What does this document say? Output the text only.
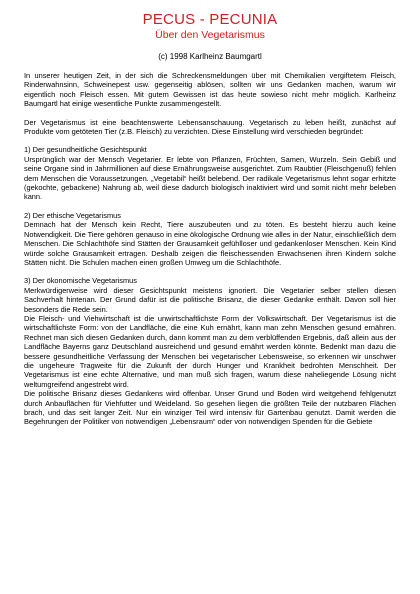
PECUS - PECUNIA
Über den Vegetarismus
(c) 1998 Karlheinz Baumgartl

In unserer heutigen Zeit, in der sich die Schreckensmeldungen über mit Chemikalien vergiftetem Fleisch, Rinderwahnsinn, Schweinepest usw. gegenseitig ablösen, sollten wir uns Gedanken machen, warum wir eigentlich noch Fleisch essen. Mit gutem Gewissen ist das heute sowieso nicht mehr möglich. Karlheinz Baumgartl hat einige wesentliche Punkte zusammengestellt.

Der Vegetarismus ist eine beachtenswerte Lebensanschauung. Vegetarisch zu leben heißt, zunächst auf Produkte vom getöteten Tier (z.B. Fleisch) zu verzichten. Diese Einstellung wird verschieden begründet:

1) Der gesundheitliche Gesichtspunkt

Ursprünglich war der Mensch Vegetarier. Er lebte von Pflanzen, Früchten, Samen, Wurzeln. Sein Gebiß und seine Organe sind in Jahrmillionen auf diese Ernährungsweise ausgerichtet. Zum Raubtier (Fleischgenuß) fehlen dem Menschen die Voraussetzungen. „Vegetabil“ heißt belebend. Der radikale Vegetarismus lehnt sogar erhitzte (gekochte, gebackene) Nahrung ab, weil diese dadurch biologisch inaktiviert wird und somit nicht mehr beleben kann.

2) Der ethische Vegetarismus

Demnach hat der Mensch kein Recht, Tiere auszubeuten und zu töten. Es besteht hierzu auch keine Notwendigkeit. Die Tiere gehören genauso in eine ökologische Ordnung wie alles in der Natur, einschließlich dem Menschen. Die Schlachthöfe sind Stätten der Grausamkeit gefühlloser und gedankenloser Menschen. Kein Kind würde solche Grausamkeit ertragen. Deshalb zeigen die fleischessenden Erwachsenen ihren Kindern solche Stätten nicht. Die Schulen machen einen großen Umweg um die Schlachthöfe.

3) Der ökonomische Vegetarismus

Merkwürdigerweise wird dieser Gesichtspunkt meistens ignoriert. Die Vegetarier selber stellen diesen Sachverhalt hintenan. Der Grund dafür ist die politische Brisanz, die dieser Gedanke enthält. Davon soll hier besonders die Rede sein.

Die Fleisch- und Viehwirtschaft ist die unwirtschaftlichste Form der Volkswirtschaft. Der Vegetarismus ist die wirtschaftlichste Form: von der Landfläche, die eine Kuh ernährt, kann man zehn Menschen gesund ernähren. Rechnet man sich diesen Gedanken durch, dann kommt man zu dem verblüffenden Ergebnis, daß allein aus der Landfläche Bayerns ganz Deutschland ausreichend und gesund ernährt werden könnte. Bedenkt man dazu die bessere gesundheitliche Verfassung der Menschen bei vegetarischer Lebensweise, so erkennen wir unschwer die ungeheure Tragweite für die Zukunft der durch Hunger und Krankheit bedrohten Menschheit. Der Vegetarismus ist eine echte Alternative, und man muß sich fragen, warum diese naheliegende Lösung nicht weltumgreifend angestrebt wird.

Die politische Brisanz dieses Gedankens wird offenbar. Unser Grund und Boden wird weitgehend fehlgenutzt durch Anbauflächen für Viehfutter und Weideland. So gesehen liegen die größten Teile der nutzbaren Flächen brach, und das seit langer Zeit. Nur ein winziger Teil wird intensiv für Gartenbau genutzt. Damit werden die Begehrungen der Politiker von notwendigen „Lebensraum“ oder von notwendigen Spenden für die Gebiete
